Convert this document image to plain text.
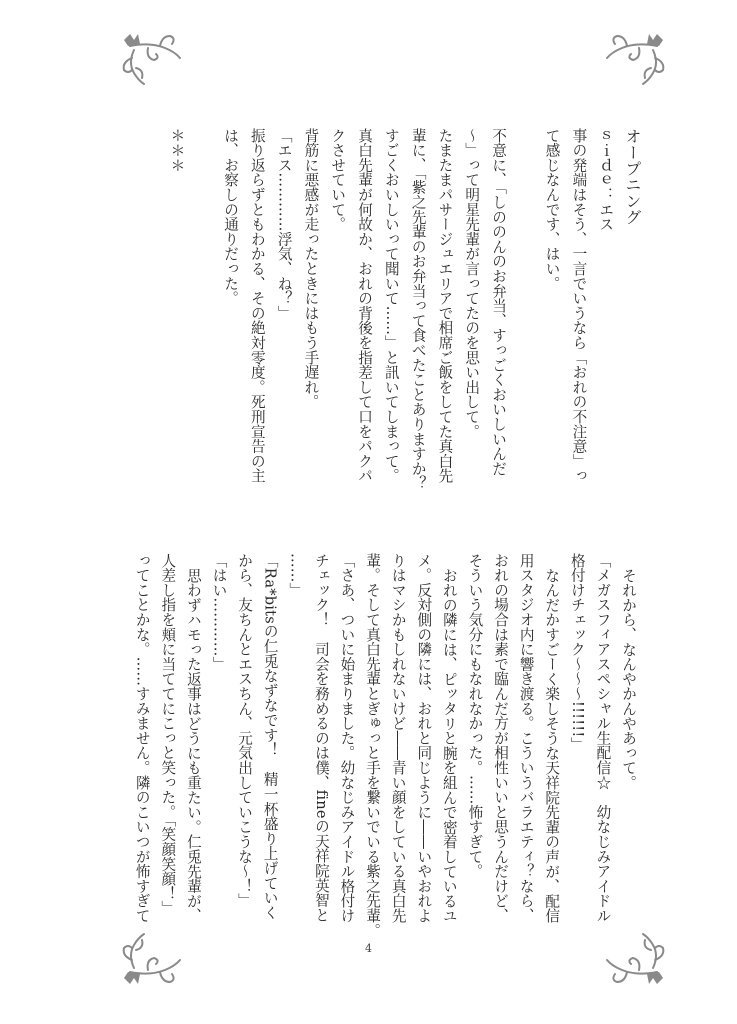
オープニング
ｓｉｄｅ：エス
事の発端はそう、一言でいうなら「おれの不注意」っ
て感じなんです、はい。
不意に、「しののんのお弁当、すっごくおいしいんだ
〜」って明星先輩が言ってたのを思い出して。
たまたまパサージュエリアで相席ご飯をしてた真白先
輩に、「紫之先輩のお弁当って食べたことありますか？
すごくおいしいって聞いて……」と訊いてしまって。
真白先輩が何故か、おれの背後を指差して口をパクパ
クさせていて。
背筋に悪感が走ったときにはもう手遅れ。
「エス…………浮気、ね？」
振り返らずともわかる、その絶対零度。死刑宣告の主
は、お察しの通りだった。
＊＊＊
それから、なんやかんやあって。
「メガスフィアスペシャル生配信☆　幼なじみアイドル
格付けチェック〜〜〜!!!!!!」
なんだかすごーく楽しそうな天祥院先輩の声が、配信
用スタジオ内に響き渡る。こういうバラエティ？なら、
おれの場合は素で臨んだ方が相性いいと思うんだけど、
そういう気分にもなれなかった。……怖すぎて。
おれの隣には、ピッタリと腕を組んで密着しているユ
メ。反対側の隣には、おれと同じように――いやおれよ
りはマシかもしれないけど――青い顔をしている真白先
輩。そして真白先輩とぎゅっと手を繋いでいる紫之先輩。
「さあ、ついに始まりました。幼なじみアイドル格付け
チェック！　司会を務めるのは僕、fineの天祥院英智と
……」
「Ra*bitsの仁兎なずなです！　精一杯盛り上げていく
から、友ちんとエスちん、元気出していこうな〜！」
「はい…………」
思わずハモった返事はどうにも重たい。仁兎先輩が、
人差し指を頬に当ててにこっと笑った。「笑顔笑顔！」
ってことかな。……すみません。隣のこいつが怖すぎて
4
